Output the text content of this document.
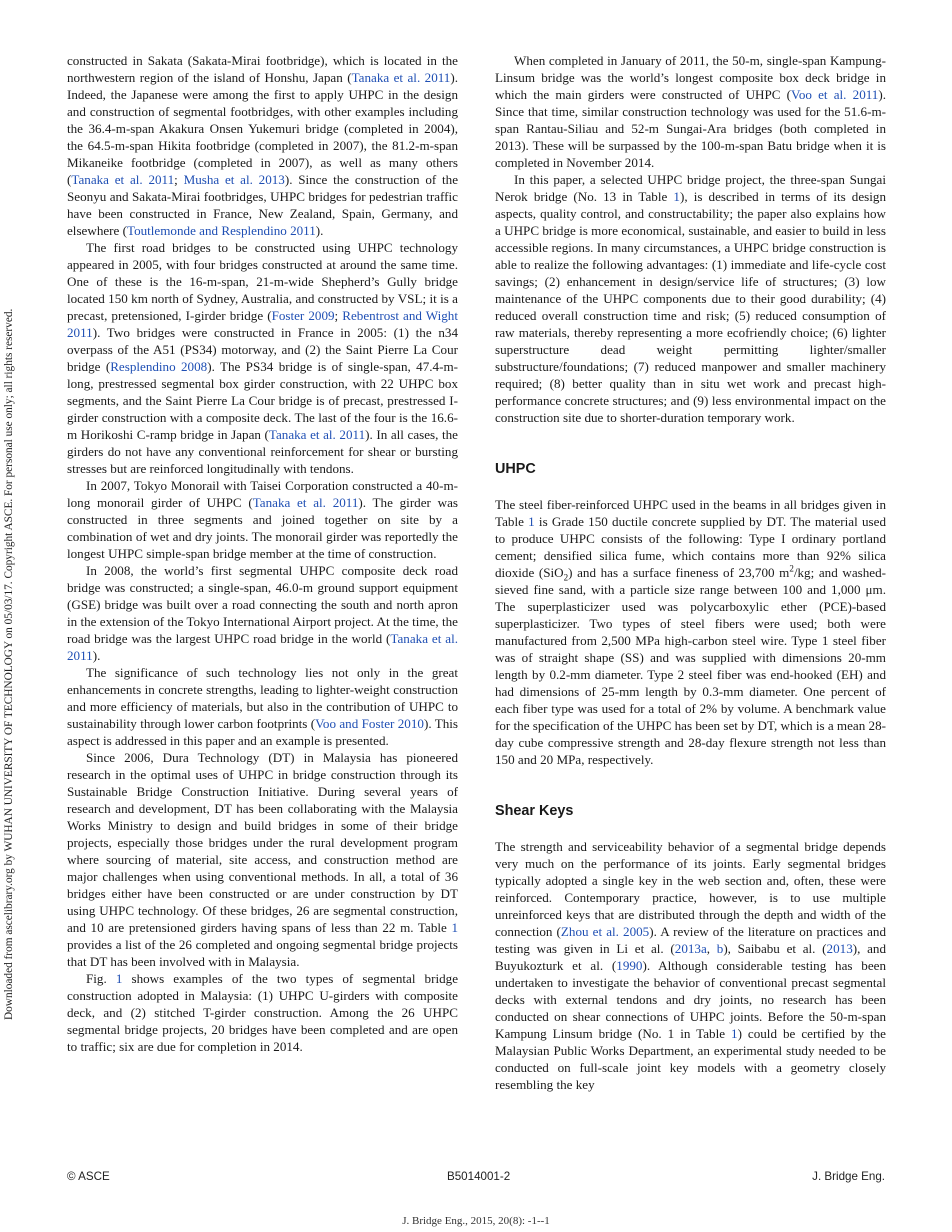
Downloaded from ascelibrary.org by WUHAN UNIVERSITY OF TECHNOLOGY on 05/03/17. Copyright ASCE. For personal use only; all rights reserved.

constructed in Sakata (Sakata-Mirai footbridge), which is located in the northwestern region of the island of Honshu, Japan (Tanaka et al. 2011). Indeed, the Japanese were among the first to apply UHPC in the design and construction of segmental footbridges, with other examples including the 36.4-m-span Akakura Onsen Yukemuri bridge (completed in 2004), the 64.5-m-span Hikita footbridge (completed in 2007), the 81.2-m-span Mikaneike footbridge (completed in 2007), as well as many others (Tanaka et al. 2011; Musha et al. 2013). Since the construction of the Seonyu and Sakata-Mirai footbridges, UHPC bridges for pedestrian traffic have been constructed in France, New Zealand, Spain, Germany, and elsewhere (Toutlemonde and Resplendino 2011).

The first road bridges to be constructed using UHPC technology appeared in 2005, with four bridges constructed at around the same time. One of these is the 16-m-span, 21-m-wide Shepherd’s Gully bridge located 150 km north of Sydney, Australia, and constructed by VSL; it is a precast, pretensioned, I-girder bridge (Foster 2009; Rebentrost and Wight 2011). Two bridges were constructed in France in 2005: (1) the n34 overpass of the A51 (PS34) motorway, and (2) the Saint Pierre La Cour bridge (Resplendino 2008). The PS34 bridge is of single-span, 47.4-m-long, prestressed segmental box girder construction, with 22 UHPC box segments, and the Saint Pierre La Cour bridge is of precast, prestressed I-girder construction with a composite deck. The last of the four is the 16.6-m Horikoshi C-ramp bridge in Japan (Tanaka et al. 2011). In all cases, the girders do not have any conventional reinforcement for shear or bursting stresses but are reinforced longitudinally with tendons.

In 2007, Tokyo Monorail with Taisei Corporation constructed a 40-m-long monorail girder of UHPC (Tanaka et al. 2011). The girder was constructed in three segments and joined together on site by a combination of wet and dry joints. The monorail girder was reportedly the longest UHPC simple-span bridge member at the time of construction.

In 2008, the world’s first segmental UHPC composite deck road bridge was constructed; a single-span, 46.0-m ground support equipment (GSE) bridge was built over a road connecting the south and north apron in the extension of the Tokyo International Airport project. At the time, the road bridge was the largest UHPC road bridge in the world (Tanaka et al. 2011).

The significance of such technology lies not only in the great enhancements in concrete strengths, leading to lighter-weight construction and more efficiency of materials, but also in the contribution of UHPC to sustainability through lower carbon footprints (Voo and Foster 2010). This aspect is addressed in this paper and an example is presented.

Since 2006, Dura Technology (DT) in Malaysia has pioneered research in the optimal uses of UHPC in bridge construction through its Sustainable Bridge Construction Initiative. During several years of research and development, DT has been collaborating with the Malaysia Works Ministry to design and build bridges in some of their bridge projects, especially those bridges under the rural development program where sourcing of material, site access, and construction method are major challenges when using conventional methods. In all, a total of 36 bridges either have been constructed or are under construction by DT using UHPC technology. Of these bridges, 26 are segmental construction, and 10 are pretensioned girders having spans of less than 22 m. Table 1 provides a list of the 26 completed and ongoing segmental bridge projects that DT has been involved with in Malaysia.

Fig. 1 shows examples of the two types of segmental bridge construction adopted in Malaysia: (1) UHPC U-girders with composite deck, and (2) stitched T-girder construction. Among the 26 UHPC segmental bridge projects, 20 bridges have been completed and are open to traffic; six are due for completion in 2014.

When completed in January of 2011, the 50-m, single-span Kampung-Linsum bridge was the world’s longest composite box deck bridge in which the main girders were constructed of UHPC (Voo et al. 2011). Since that time, similar construction technology was used for the 51.6-m-span Rantau-Siliau and 52-m Sungai-Ara bridges (both completed in 2013). These will be surpassed by the 100-m-span Batu bridge when it is completed in November 2014.

In this paper, a selected UHPC bridge project, the three-span Sungai Nerok bridge (No. 13 in Table 1), is described in terms of its design aspects, quality control, and constructability; the paper also explains how a UHPC bridge is more economical, sustainable, and easier to build in less accessible regions. In many circumstances, a UHPC bridge construction is able to realize the following advantages: (1) immediate and life-cycle cost savings; (2) enhancement in design/service life of structures; (3) low maintenance of the UHPC components due to their good durability; (4) reduced overall construction time and risk; (5) reduced consumption of raw materials, thereby representing a more ecofriendly choice; (6) lighter superstructure dead weight permitting lighter/smaller substructure/foundations; (7) reduced manpower and smaller machinery required; (8) better quality than in situ wet work and precast high-performance concrete structures; and (9) less environmental impact on the construction site due to shorter-duration temporary work.

UHPC

The steel fiber-reinforced UHPC used in the beams in all bridges given in Table 1 is Grade 150 ductile concrete supplied by DT. The material used to produce UHPC consists of the following: Type I ordinary portland cement; densified silica fume, which contains more than 92% silica dioxide (SiO$_2$) and has a surface fineness of 23,700 $m^2/kg$; and washed-sieved fine sand, with a particle size range between 100 and 1,000 μm. The superplasticizer used was polycarboxylic ether (PCE)-based superplasticizer. Two types of steel fibers were used; both were manufactured from 2,500 MPa high-carbon steel wire. Type 1 steel fiber was of straight shape (SS) and was supplied with dimensions 20-mm length by 0.2-mm diameter. Type 2 steel fiber was end-hooked (EH) and had dimensions of 25-mm length by 0.3-mm diameter. One percent of each fiber type was used for a total of 2% by volume. A benchmark value for the specification of the UHPC has been set by DT, which is a mean 28-day cube compressive strength and 28-day flexure strength not less than 150 and 20 MPa, respectively.

Shear Keys

The strength and serviceability behavior of a segmental bridge depends very much on the performance of its joints. Early segmental bridges typically adopted a single key in the web section and, often, these were reinforced. Contemporary practice, however, is to use multiple unreinforced keys that are distributed through the depth and width of the connection (Zhou et al. 2005). A review of the literature on practices and testing was given in Li et al. (2013a, b), Saibabu et al. (2013), and Buyukozturk et al. (1990). Although considerable testing has been undertaken to investigate the behavior of conventional precast segmental decks with external tendons and dry joints, no research has been conducted on shear connections of UHPC joints. Before the 50-m-span Kampung Linsum bridge (No. 1 in Table 1) could be certified by the Malaysian Public Works Department, an experimental study needed to be conducted on full-scale joint key models with a geometry closely resembling the key

© ASCE	B5014001-2	J. Bridge Eng.
J. Bridge Eng., 2015, 20(8): -1--1
